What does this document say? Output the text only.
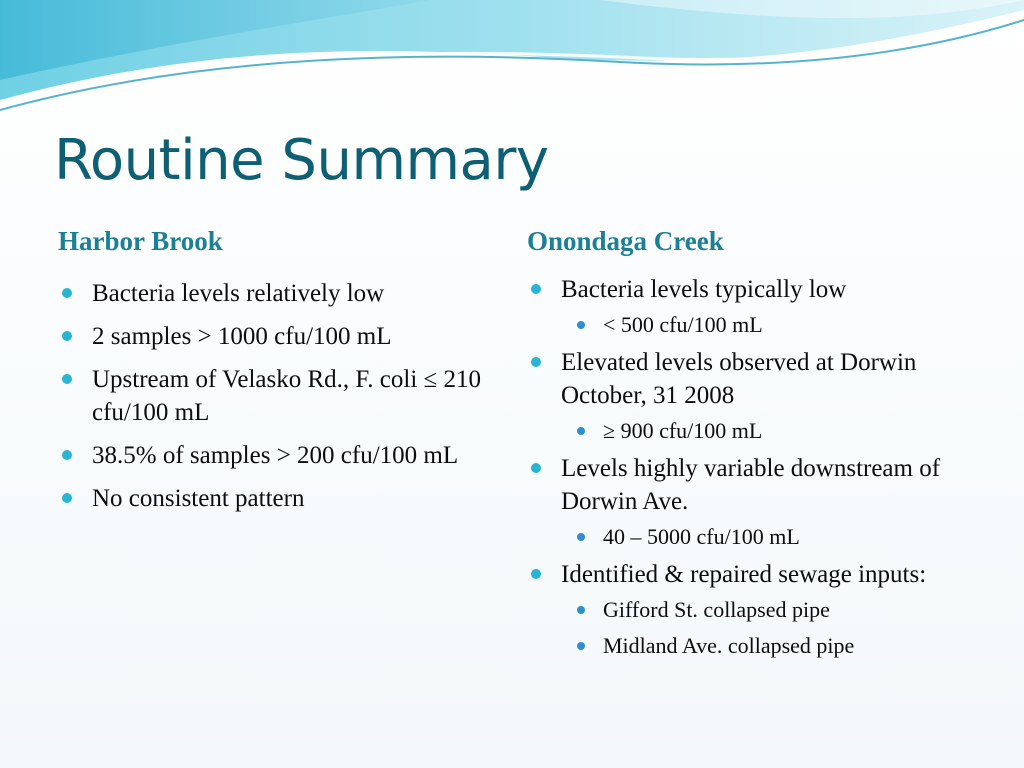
Routine Summary
Harbor Brook
Bacteria levels relatively low
2 samples > 1000 cfu/100 mL
Upstream of Velasko Rd., F. coli ≤ 210 cfu/100 mL
38.5% of samples > 200 cfu/100 mL
No consistent pattern
Onondaga Creek
Bacteria levels typically low
< 500 cfu/100 mL
Elevated levels observed at Dorwin October, 31 2008
≥ 900 cfu/100 mL
Levels highly variable downstream of Dorwin Ave.
40 – 5000 cfu/100 mL
Identified & repaired sewage inputs:
Gifford St. collapsed pipe
Midland Ave. collapsed pipe
